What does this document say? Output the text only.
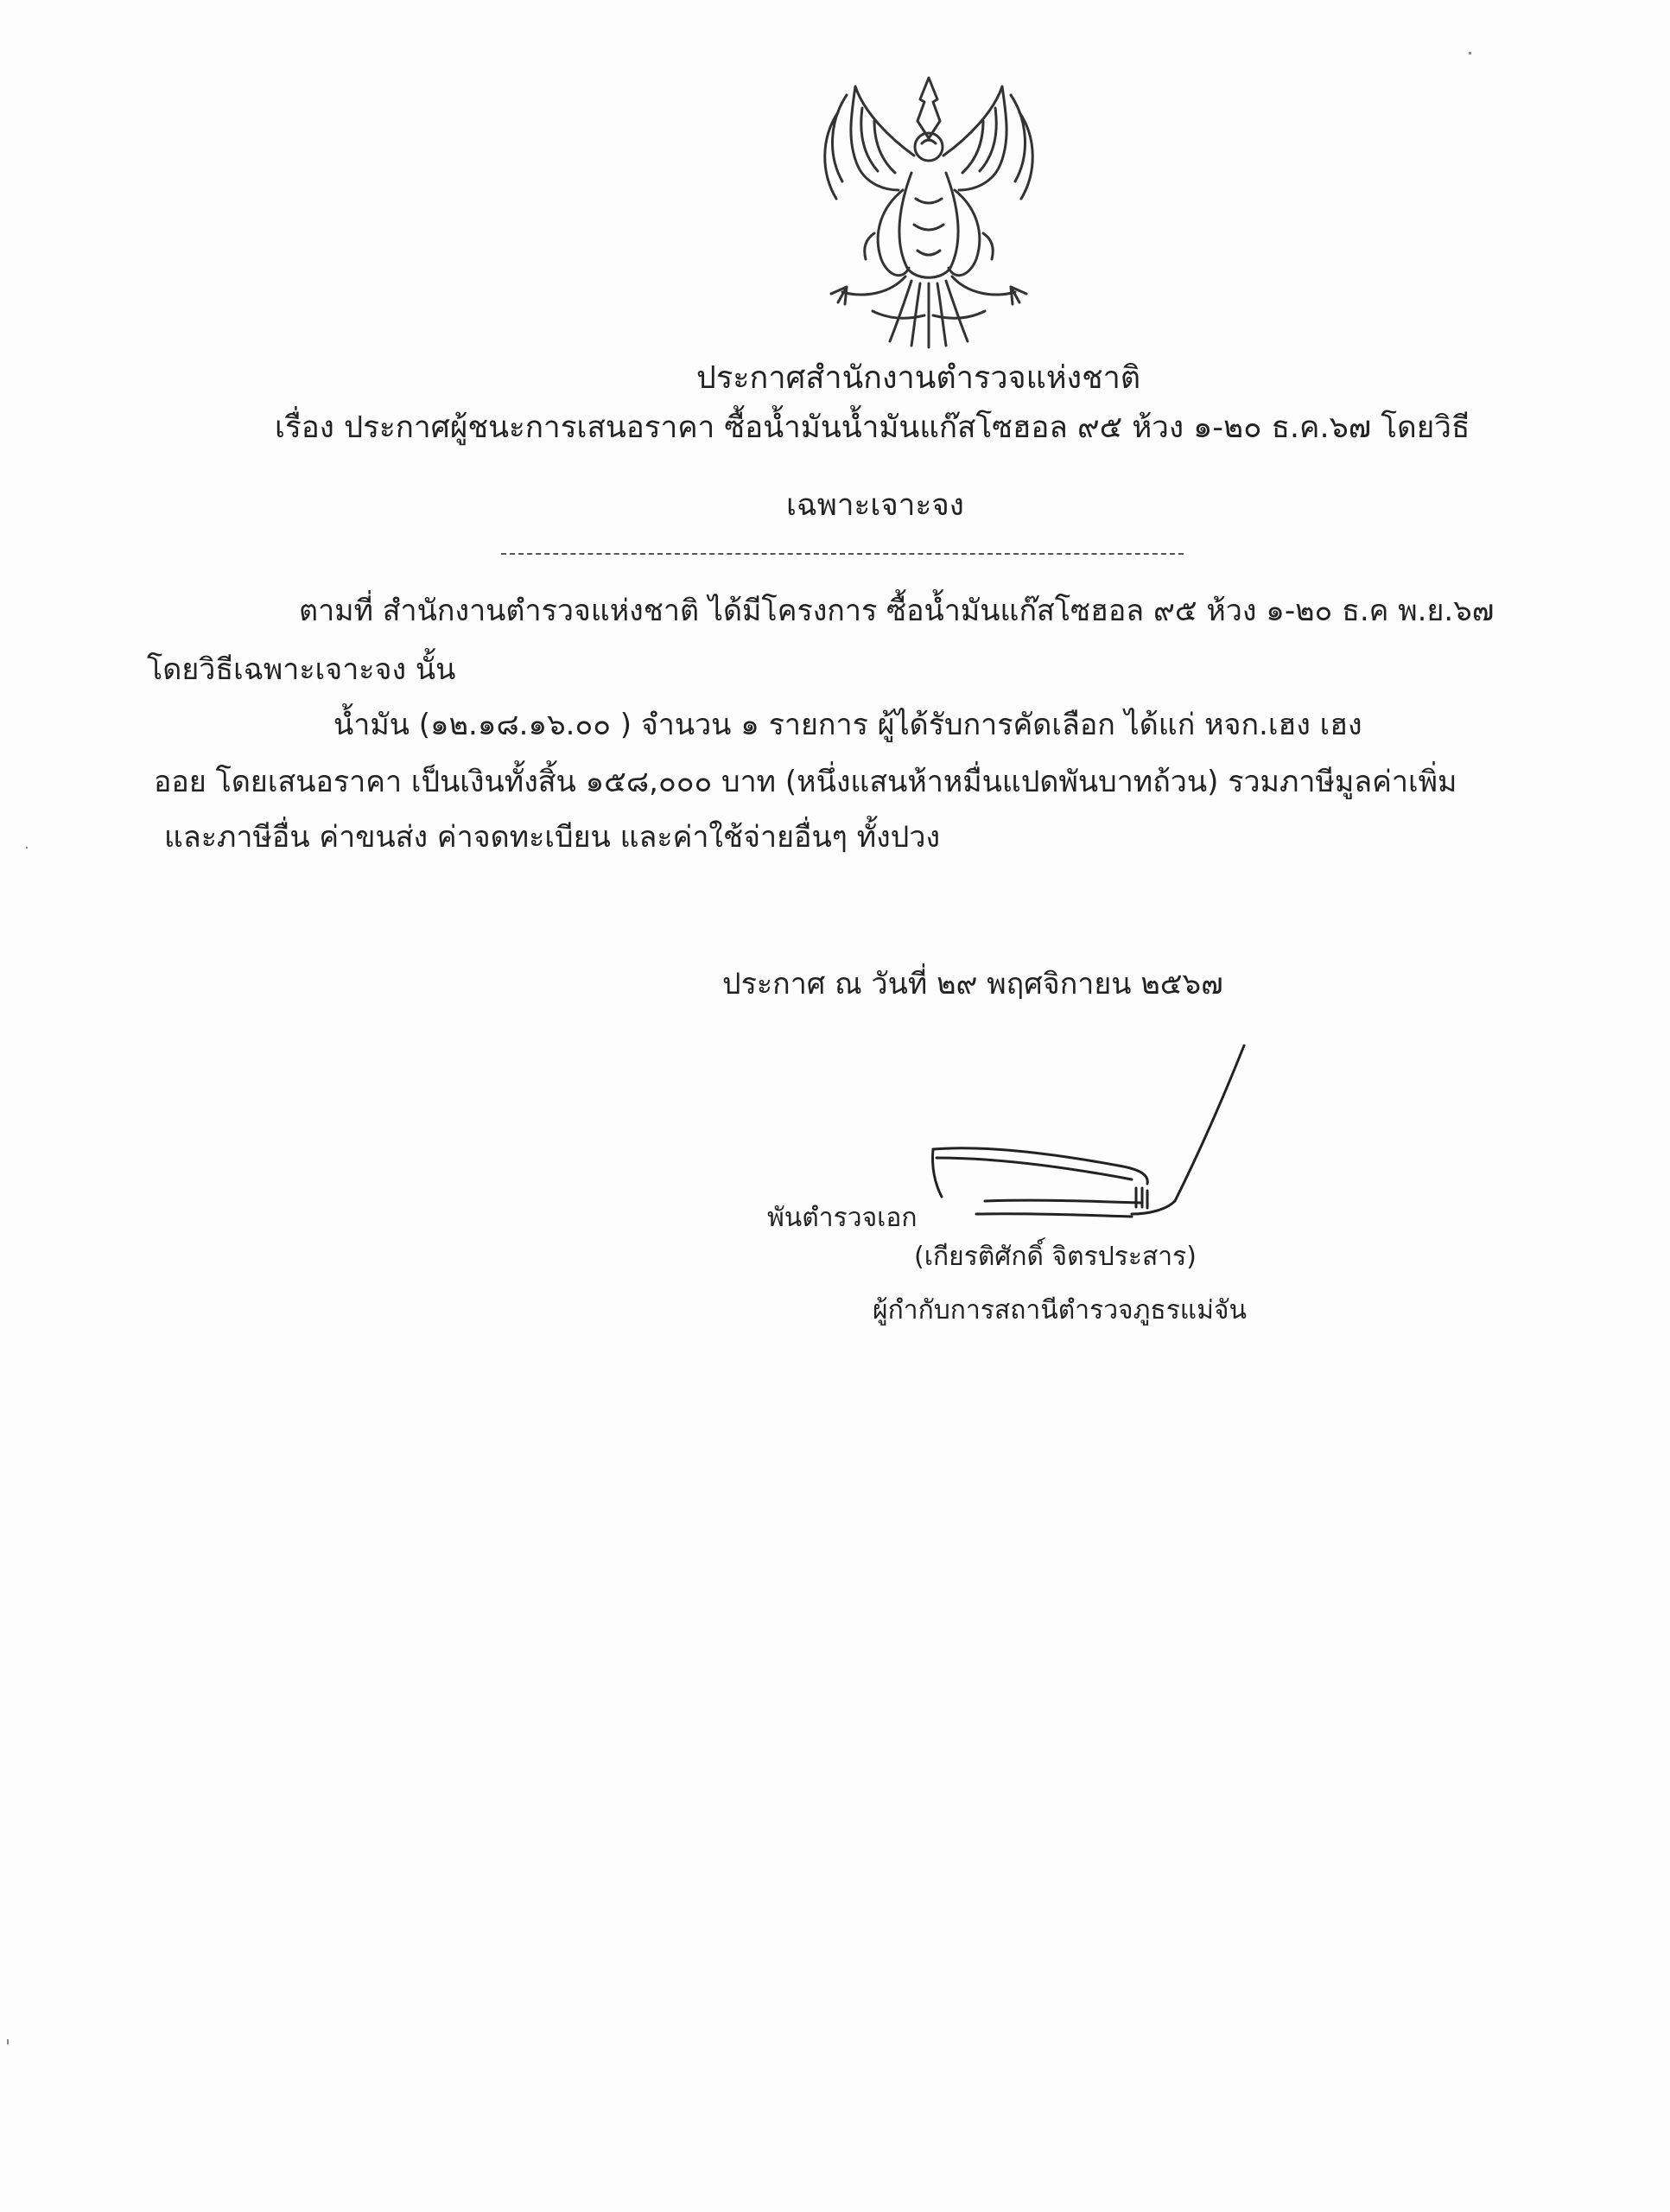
ประกาศสำนักงานตำรวจแห่งชาติ
เรื่อง ประกาศผู้ชนะการเสนอราคา ซื้อน้ำมันน้ำมันแก๊สโซฮอล ๙๕ ห้วง ๑-๒๐ ธ.ค.๖๗ โดยวิธี
เฉพาะเจาะจง
ตามที่ สำนักงานตำรวจแห่งชาติ ได้มีโครงการ ซื้อน้ำมันแก๊สโซฮอล ๙๕ ห้วง ๑-๒๐ ธ.ค พ.ย.๖๗
โดยวิธีเฉพาะเจาะจง นั้น
น้ำมัน (๑๒.๑๘.๑๖.๐๐ ) จำนวน ๑ รายการ ผู้ได้รับการคัดเลือก ได้แก่ หจก.เฮง เฮง
ออย โดยเสนอราคา เป็นเงินทั้งสิ้น ๑๕๘,๐๐๐ บาท (หนึ่งแสนห้าหมื่นแปดพันบาทถ้วน) รวมภาษีมูลค่าเพิ่ม
และภาษีอื่น ค่าขนส่ง ค่าจดทะเบียน และค่าใช้จ่ายอื่นๆ ทั้งปวง
ประกาศ ณ วันที่ ๒๙ พฤศจิกายน ๒๕๖๗
พันตำรวจเอก
(เกียรติศักดิ์ จิตรประสาร)
ผู้กำกับการสถานีตำรวจภูธรแม่จัน
